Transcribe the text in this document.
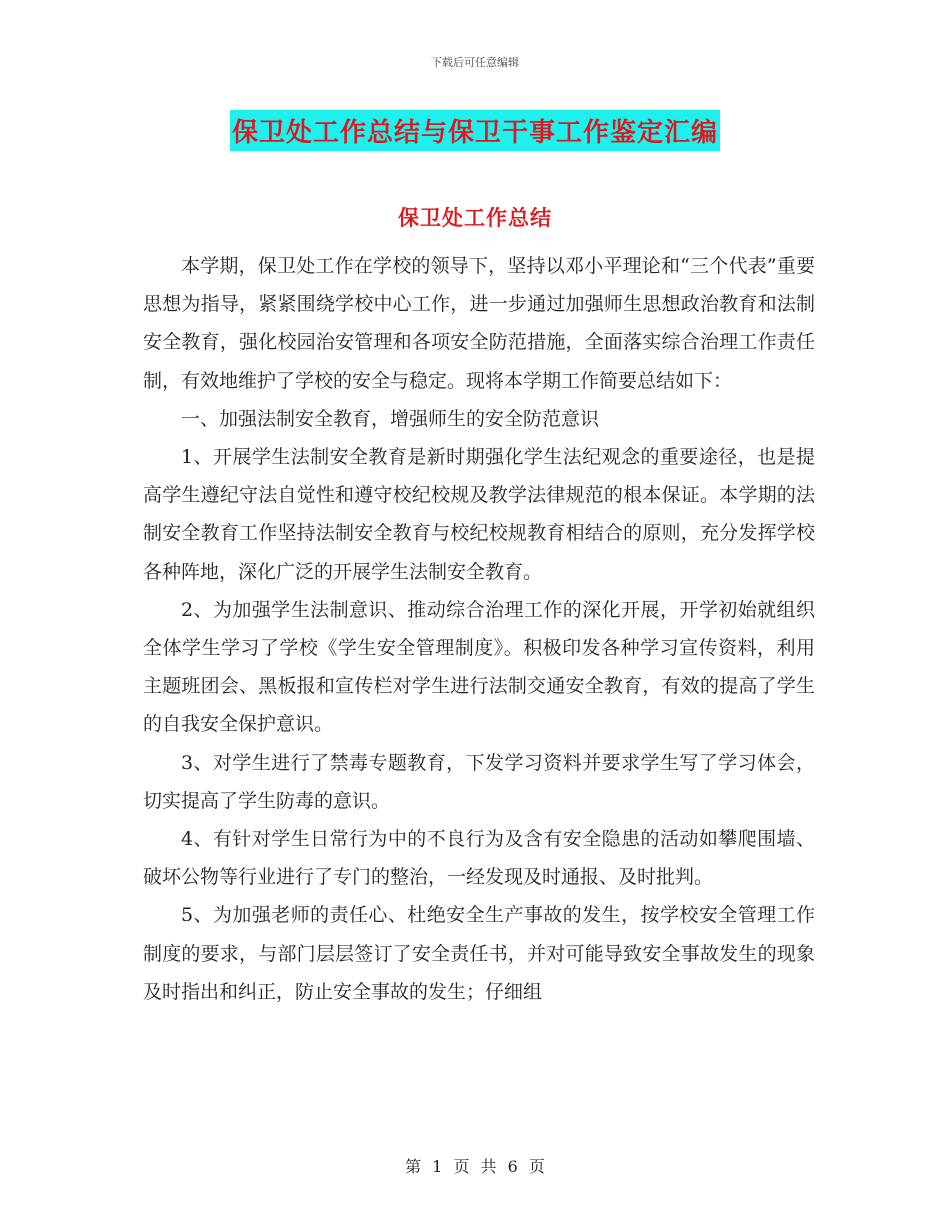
下载后可任意编辑
保卫处工作总结与保卫干事工作鉴定汇编
保卫处工作总结

本学期，保卫处工作在学校的领导下，坚持以邓小平理论和“三个代表”重要思想为指导，紧紧围绕学校中心工作，进一步通过加强师生思想政治教育和法制安全教育，强化校园治安管理和各项安全防范措施，全面落实综合治理工作责任制，有效地维护了学校的安全与稳定。现将本学期工作简要总结如下：

一、加强法制安全教育，增强师生的安全防范意识

1、开展学生法制安全教育是新时期强化学生法纪观念的重要途径，也是提高学生遵纪守法自觉性和遵守校纪校规及教学法律规范的根本保证。本学期的法制安全教育工作坚持法制安全教育与校纪校规教育相结合的原则，充分发挥学校各种阵地，深化广泛的开展学生法制安全教育。

2、为加强学生法制意识、推动综合治理工作的深化开展，开学初始就组织全体学生学习了学校《学生安全管理制度》。积极印发各种学习宣传资料，利用主题班团会、黑板报和宣传栏对学生进行法制交通安全教育，有效的提高了学生的自我安全保护意识。

3、对学生进行了禁毒专题教育，下发学习资料并要求学生写了学习体会，切实提高了学生防毒的意识。

4、有针对学生日常行为中的不良行为及含有安全隐患的活动如攀爬围墙、破坏公物等行业进行了专门的整治，一经发现及时通报、及时批判。

5、为加强老师的责任心、杜绝安全生产事故的发生，按学校安全管理工作制度的要求，与部门层层签订了安全责任书，并对可能导致安全事故发生的现象及时指出和纠正，防止安全事故的发生；仔细组

第 1 页 共 6 页
